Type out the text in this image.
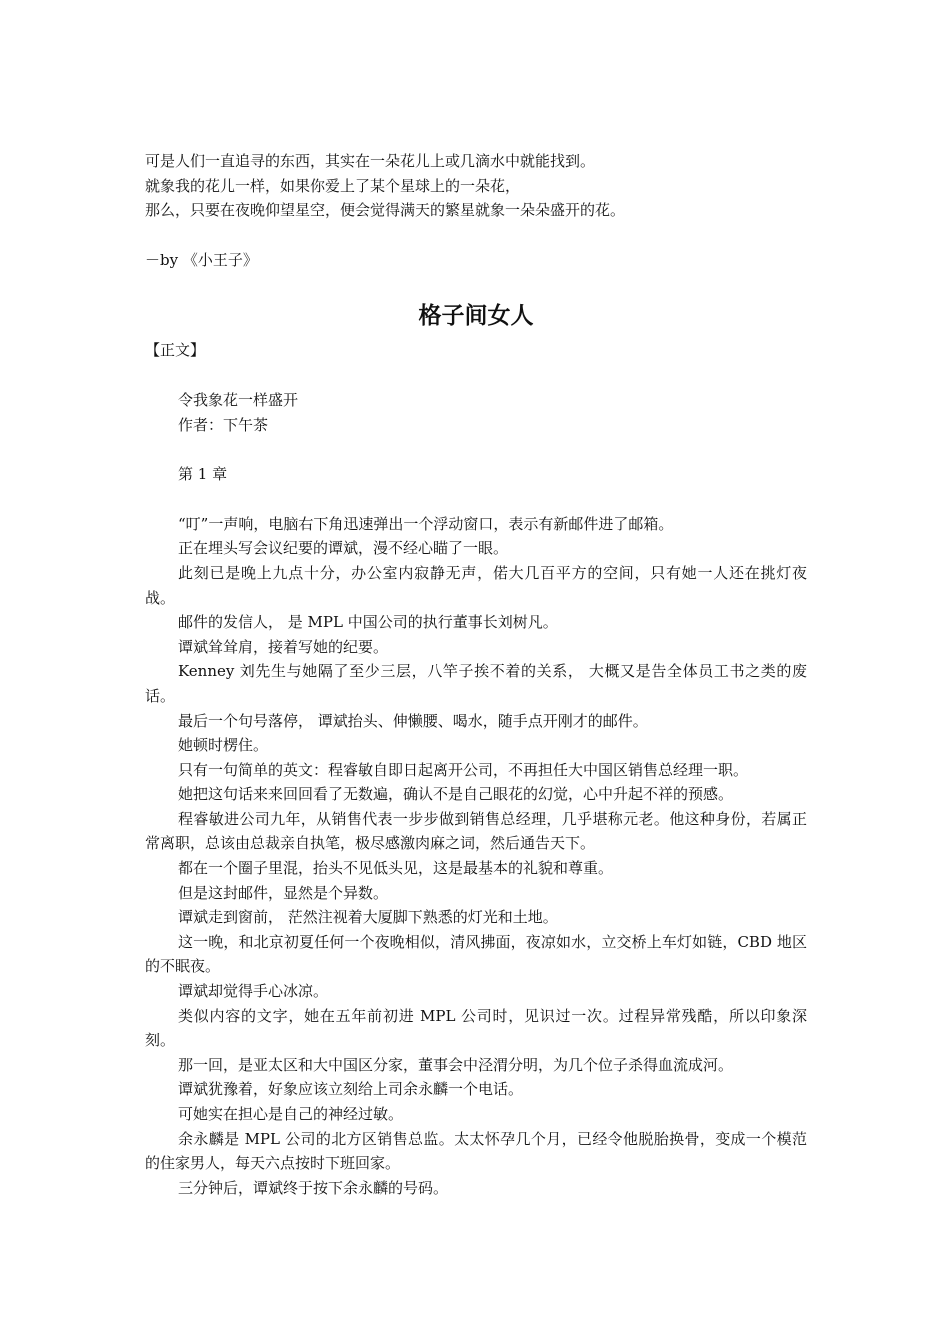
可是人们一直追寻的东西，其实在一朵花儿上或几滴水中就能找到。

就象我的花儿一样，如果你爱上了某个星球上的一朵花，

那么，只要在夜晚仰望星空，便会觉得满天的繁星就象一朵朵盛开的花。

－by 《小王子》

格子间女人

【正文】

令我象花一样盛开

作者：下午茶

第 1 章

“叮”一声响，电脑右下角迅速弹出一个浮动窗口，表示有新邮件进了邮箱。

正在埋头写会议纪要的谭斌，漫不经心瞄了一眼。

此刻已是晚上九点十分，办公室内寂静无声，偌大几百平方的空间，只有她一人还在挑灯夜战。

邮件的发信人， 是 MPL 中国公司的执行董事长刘树凡。

谭斌耸耸肩，接着写她的纪要。

Kenney 刘先生与她隔了至少三层，八竿子挨不着的关系， 大概又是告全体员工书之类的废话。

最后一个句号落停， 谭斌抬头、伸懒腰、喝水，随手点开刚才的邮件。

她顿时楞住。

只有一句简单的英文：程睿敏自即日起离开公司，不再担任大中国区销售总经理一职。

她把这句话来来回回看了无数遍，确认不是自己眼花的幻觉，心中升起不祥的预感。

程睿敏进公司九年，从销售代表一步步做到销售总经理，几乎堪称元老。他这种身份，若属正常离职，总该由总裁亲自执笔，极尽感激肉麻之词，然后通告天下。

都在一个圈子里混，抬头不见低头见，这是最基本的礼貌和尊重。

但是这封邮件，显然是个异数。

谭斌走到窗前， 茫然注视着大厦脚下熟悉的灯光和土地。

这一晚，和北京初夏任何一个夜晚相似，清风拂面，夜凉如水，立交桥上车灯如链，CBD 地区的不眠夜。

谭斌却觉得手心冰凉。

类似内容的文字，她在五年前初进 MPL 公司时，见识过一次。过程异常残酷，所以印象深刻。

那一回，是亚太区和大中国区分家，董事会中泾渭分明，为几个位子杀得血流成河。

谭斌犹豫着，好象应该立刻给上司余永麟一个电话。

可她实在担心是自己的神经过敏。

余永麟是 MPL 公司的北方区销售总监。太太怀孕几个月，已经令他脱胎换骨，变成一个模范的住家男人，每天六点按时下班回家。

三分钟后，谭斌终于按下余永麟的号码。
